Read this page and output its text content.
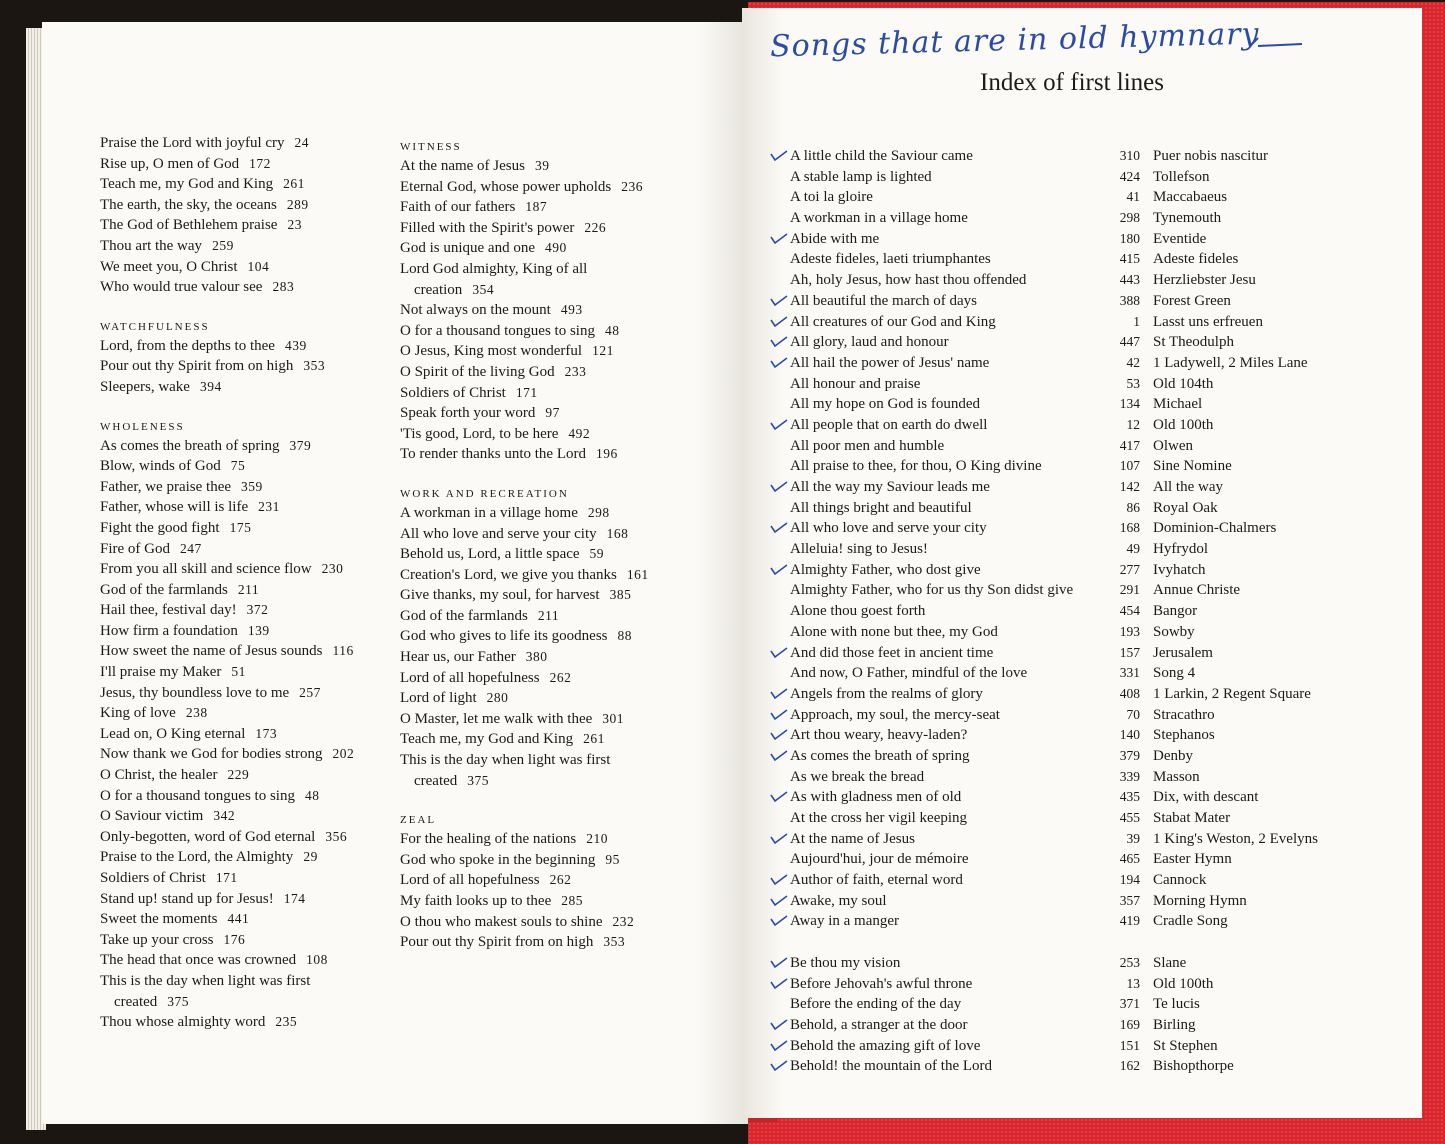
Praise the Lord with joyful cry 24
Rise up, O men of God 172
Teach me, my God and King 261
The earth, the sky, the oceans 289
The God of Bethlehem praise 23
Thou art the way 259
We meet you, O Christ 104
Who would true valour see 283
WATCHFULNESS
Lord, from the depths to thee 439
Pour out thy Spirit from on high 353
Sleepers, wake 394
WHOLENESS
As comes the breath of spring 379
Blow, winds of God 75
Father, we praise thee 359
Father, whose will is life 231
Fight the good fight 175
Fire of God 247
From you all skill and science flow 230
God of the farmlands 211
Hail thee, festival day! 372
How firm a foundation 139
How sweet the name of Jesus sounds 116
I'll praise my Maker 51
Jesus, thy boundless love to me 257
King of love 238
Lead on, O King eternal 173
Now thank we God for bodies strong 202
O Christ, the healer 229
O for a thousand tongues to sing 48
O Saviour victim 342
Only-begotten, word of God eternal 356
Praise to the Lord, the Almighty 29
Soldiers of Christ 171
Stand up! stand up for Jesus! 174
Sweet the moments 441
Take up your cross 176
The head that once was crowned 108
This is the day when light was first
created 375
Thou whose almighty word 235
WITNESS
At the name of Jesus 39
Eternal God, whose power upholds 236
Faith of our fathers 187
Filled with the Spirit's power 226
God is unique and one 490
Lord God almighty, King of all
creation 354
Not always on the mount 493
O for a thousand tongues to sing 48
O Jesus, King most wonderful 121
O Spirit of the living God 233
Soldiers of Christ 171
Speak forth your word 97
'Tis good, Lord, to be here 492
To render thanks unto the Lord 196
WORK AND RECREATION
A workman in a village home 298
All who love and serve your city 168
Behold us, Lord, a little space 59
Creation's Lord, we give you thanks 161
Give thanks, my soul, for harvest 385
God of the farmlands 211
God who gives to life its goodness 88
Hear us, our Father 380
Lord of all hopefulness 262
Lord of light 280
O Master, let me walk with thee 301
Teach me, my God and King 261
This is the day when light was first
created 375
ZEAL
For the healing of the nations 210
God who spoke in the beginning 95
Lord of all hopefulness 262
My faith looks up to thee 285
O thou who makest souls to shine 232
Pour out thy Spirit from on high 353
Songs that are in old hymnary
Index of first lines
A little child the Saviour came
A stable lamp is lighted
A toi la gloire
A workman in a village home
Abide with me
Adeste fideles, laeti triumphantes
Ah, holy Jesus, how hast thou offended
All beautiful the march of days
All creatures of our God and King
All glory, laud and honour
All hail the power of Jesus' name
All honour and praise
All my hope on God is founded
All people that on earth do dwell
All poor men and humble
All praise to thee, for thou, O King divine
All the way my Saviour leads me
All things bright and beautiful
All who love and serve your city
Alleluia! sing to Jesus!
Almighty Father, who dost give
Almighty Father, who for us thy Son didst give
Alone thou goest forth
Alone with none but thee, my God
And did those feet in ancient time
And now, O Father, mindful of the love
Angels from the realms of glory
Approach, my soul, the mercy-seat
Art thou weary, heavy-laden?
As comes the breath of spring
As we break the bread
As with gladness men of old
At the cross her vigil keeping
At the name of Jesus
Aujourd'hui, jour de mémoire
Author of faith, eternal word
Awake, my soul
Away in a manger
Be thou my vision
Before Jehovah's awful throne
Before the ending of the day
Behold, a stranger at the door
Behold the amazing gift of love
Behold! the mountain of the Lord
310
424
41
298
180
415
443
388
1
447
42
53
134
12
417
107
142
86
168
49
277
291
454
193
157
331
408
70
140
379
339
435
455
39
465
194
357
419
253
13
371
169
151
162
Puer nobis nascitur
Tollefson
Maccabaeus
Tynemouth
Eventide
Adeste fideles
Herzliebster Jesu
Forest Green
Lasst uns erfreuen
St Theodulph
1 Ladywell, 2 Miles Lane
Old 104th
Michael
Old 100th
Olwen
Sine Nomine
All the way
Royal Oak
Dominion-Chalmers
Hyfrydol
Ivyhatch
Annue Christe
Bangor
Sowby
Jerusalem
Song 4
1 Larkin, 2 Regent Square
Stracathro
Stephanos
Denby
Masson
Dix, with descant
Stabat Mater
1 King's Weston, 2 Evelyns
Easter Hymn
Cannock
Morning Hymn
Cradle Song
Slane
Old 100th
Te lucis
Birling
St Stephen
Bishopthorpe
